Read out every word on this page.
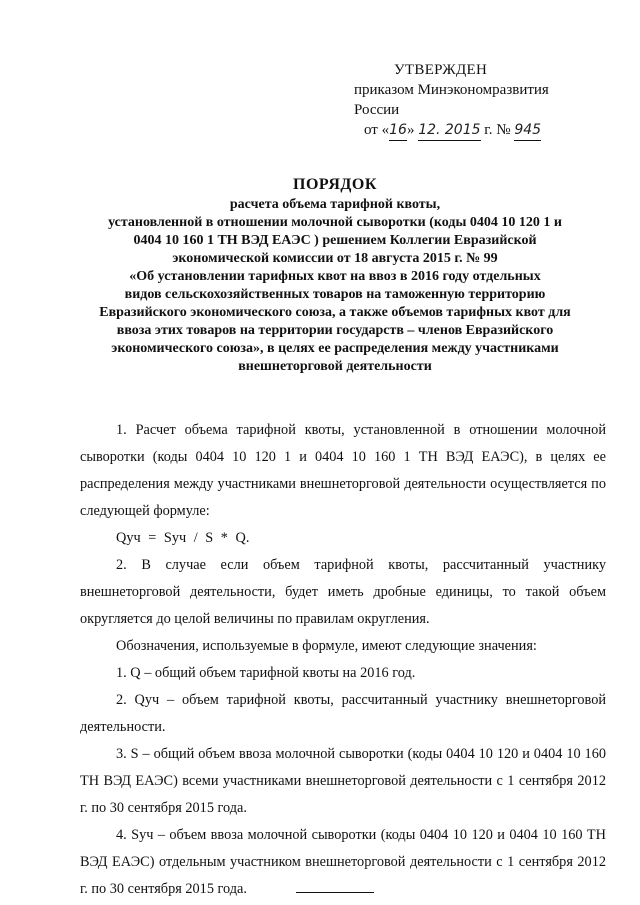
УТВЕРЖДЕН
приказом Минэкономразвития России
от «16» 12. 2015 г. № 945
ПОРЯДОК
расчета объема тарифной квоты,
установленной в отношении молочной сыворотки (коды 0404 10 120 1 и
0404 10 160 1 ТН ВЭД ЕАЭС ) решением Коллегии Евразийской
экономической комиссии от 18 августа 2015 г. № 99
«Об установлении тарифных квот на ввоз в 2016 году отдельных
видов сельскохозяйственных товаров на таможенную территорию
Евразийского экономического союза, а также объемов тарифных квот для
ввоза этих товаров на территории государств – членов Евразийского
экономического союза», в целях ее распределения между участниками
внешнеторговой деятельности

1. Расчет объема тарифной квоты, установленной в отношении молочной сыворотки (коды 0404 10 120 1 и 0404 10 160 1 ТН ВЭД ЕАЭС), в целях ее распределения между участниками внешнеторговой деятельности осуществляется по следующей формуле:

Qуч = Sуч / S * Q.

2. В случае если объем тарифной квоты, рассчитанный участнику внешнеторговой деятельности, будет иметь дробные единицы, то такой объем округляется до целой величины по правилам округления.

Обозначения, используемые в формуле, имеют следующие значения:

1. Q – общий объем тарифной квоты на 2016 год.

2. Qуч – объем тарифной квоты, рассчитанный участнику внешнеторговой деятельности.

3. S – общий объем ввоза молочной сыворотки (коды 0404 10 120 и 0404 10 160 ТН ВЭД ЕАЭС) всеми участниками внешнеторговой деятельности с 1 сентября 2012 г. по 30 сентября 2015 года.

4. Sуч – объем ввоза молочной сыворотки (коды 0404 10 120 и 0404 10 160 ТН ВЭД ЕАЭС) отдельным участником внешнеторговой деятельности с 1 сентября 2012 г. по 30 сентября 2015 года.
